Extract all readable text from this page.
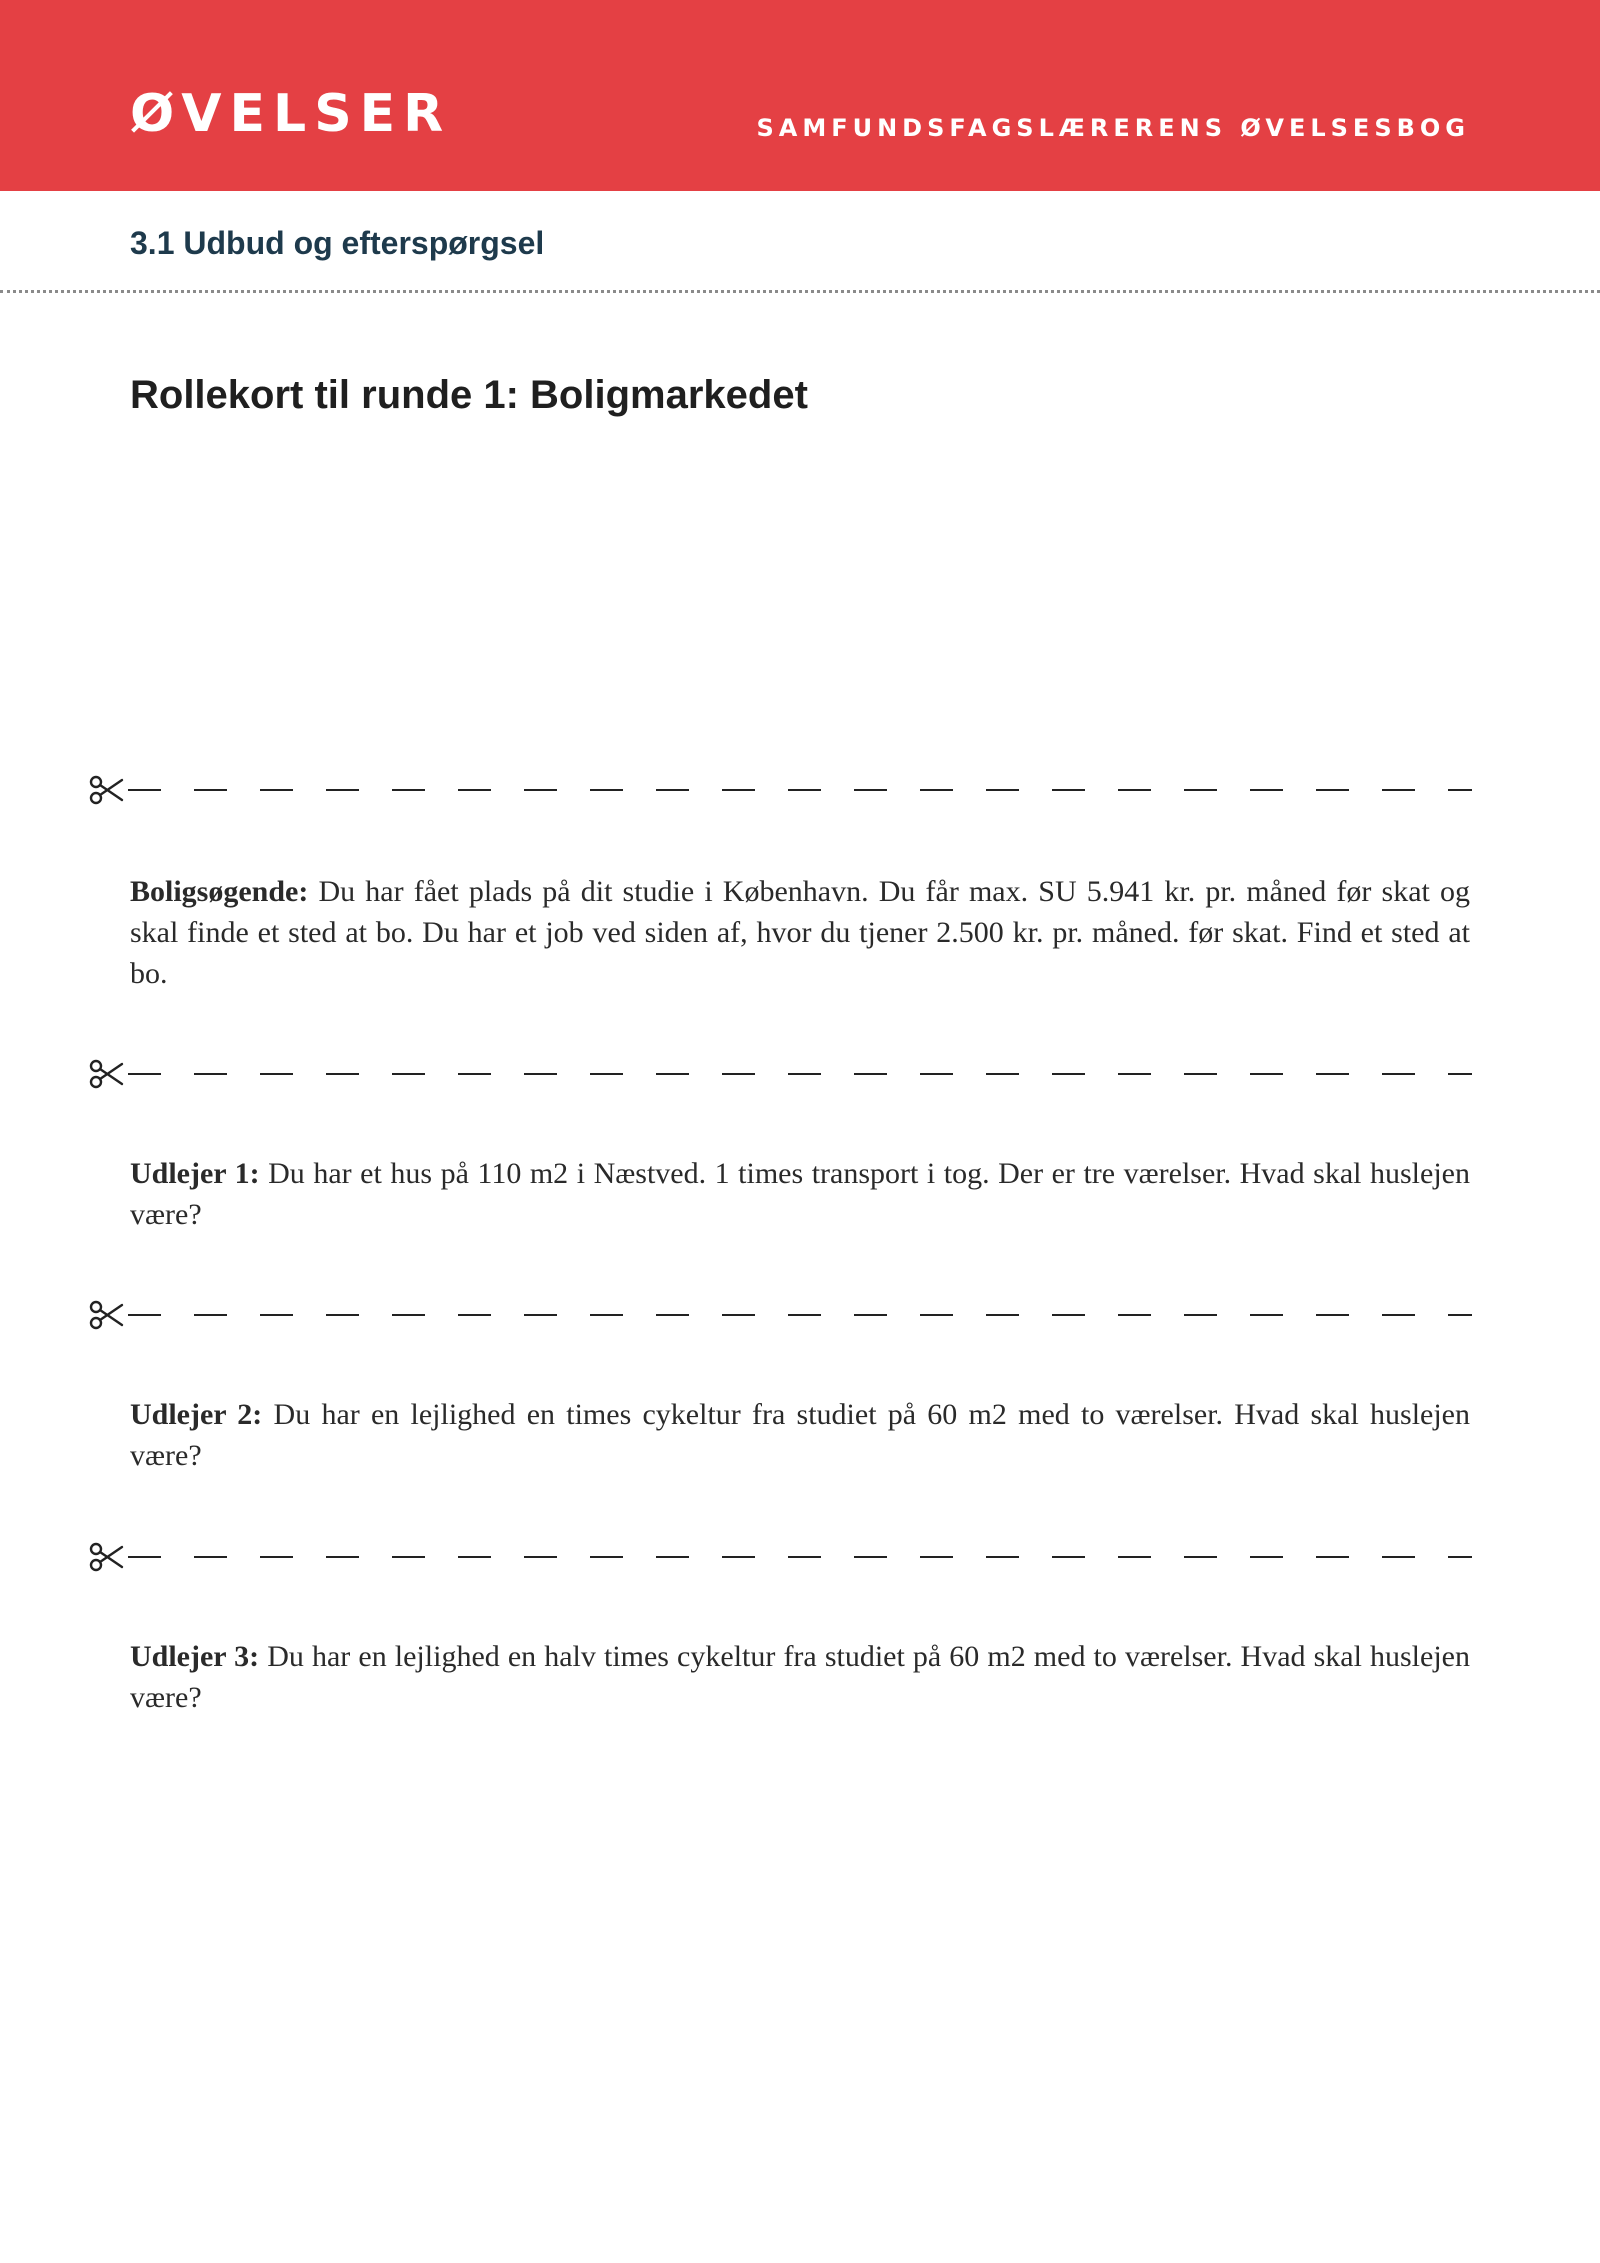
ØVELSER	SAMFUNDSFAGSLÆRERENS ØVELSESBOG
3.1 Udbud og efterspørgsel
Rollekort til runde 1: Boligmarkedet
Boligsøgende: Du har fået plads på dit studie i København. Du får max. SU 5.941 kr. pr. måned før skat og skal finde et sted at bo. Du har et job ved siden af, hvor du tjener 2.500 kr. pr. måned. før skat. Find et sted at bo.
Udlejer 1: Du har et hus på 110 m2 i Næstved. 1 times transport i tog. Der er tre værelser. Hvad skal huslejen være?
Udlejer 2: Du har en lejlighed en times cykeltur fra studiet på 60 m2 med to værelser. Hvad skal huslejen være?
Udlejer 3: Du har en lejlighed en halv times cykeltur fra studiet på 60 m2 med to værelser. Hvad skal huslejen være?
